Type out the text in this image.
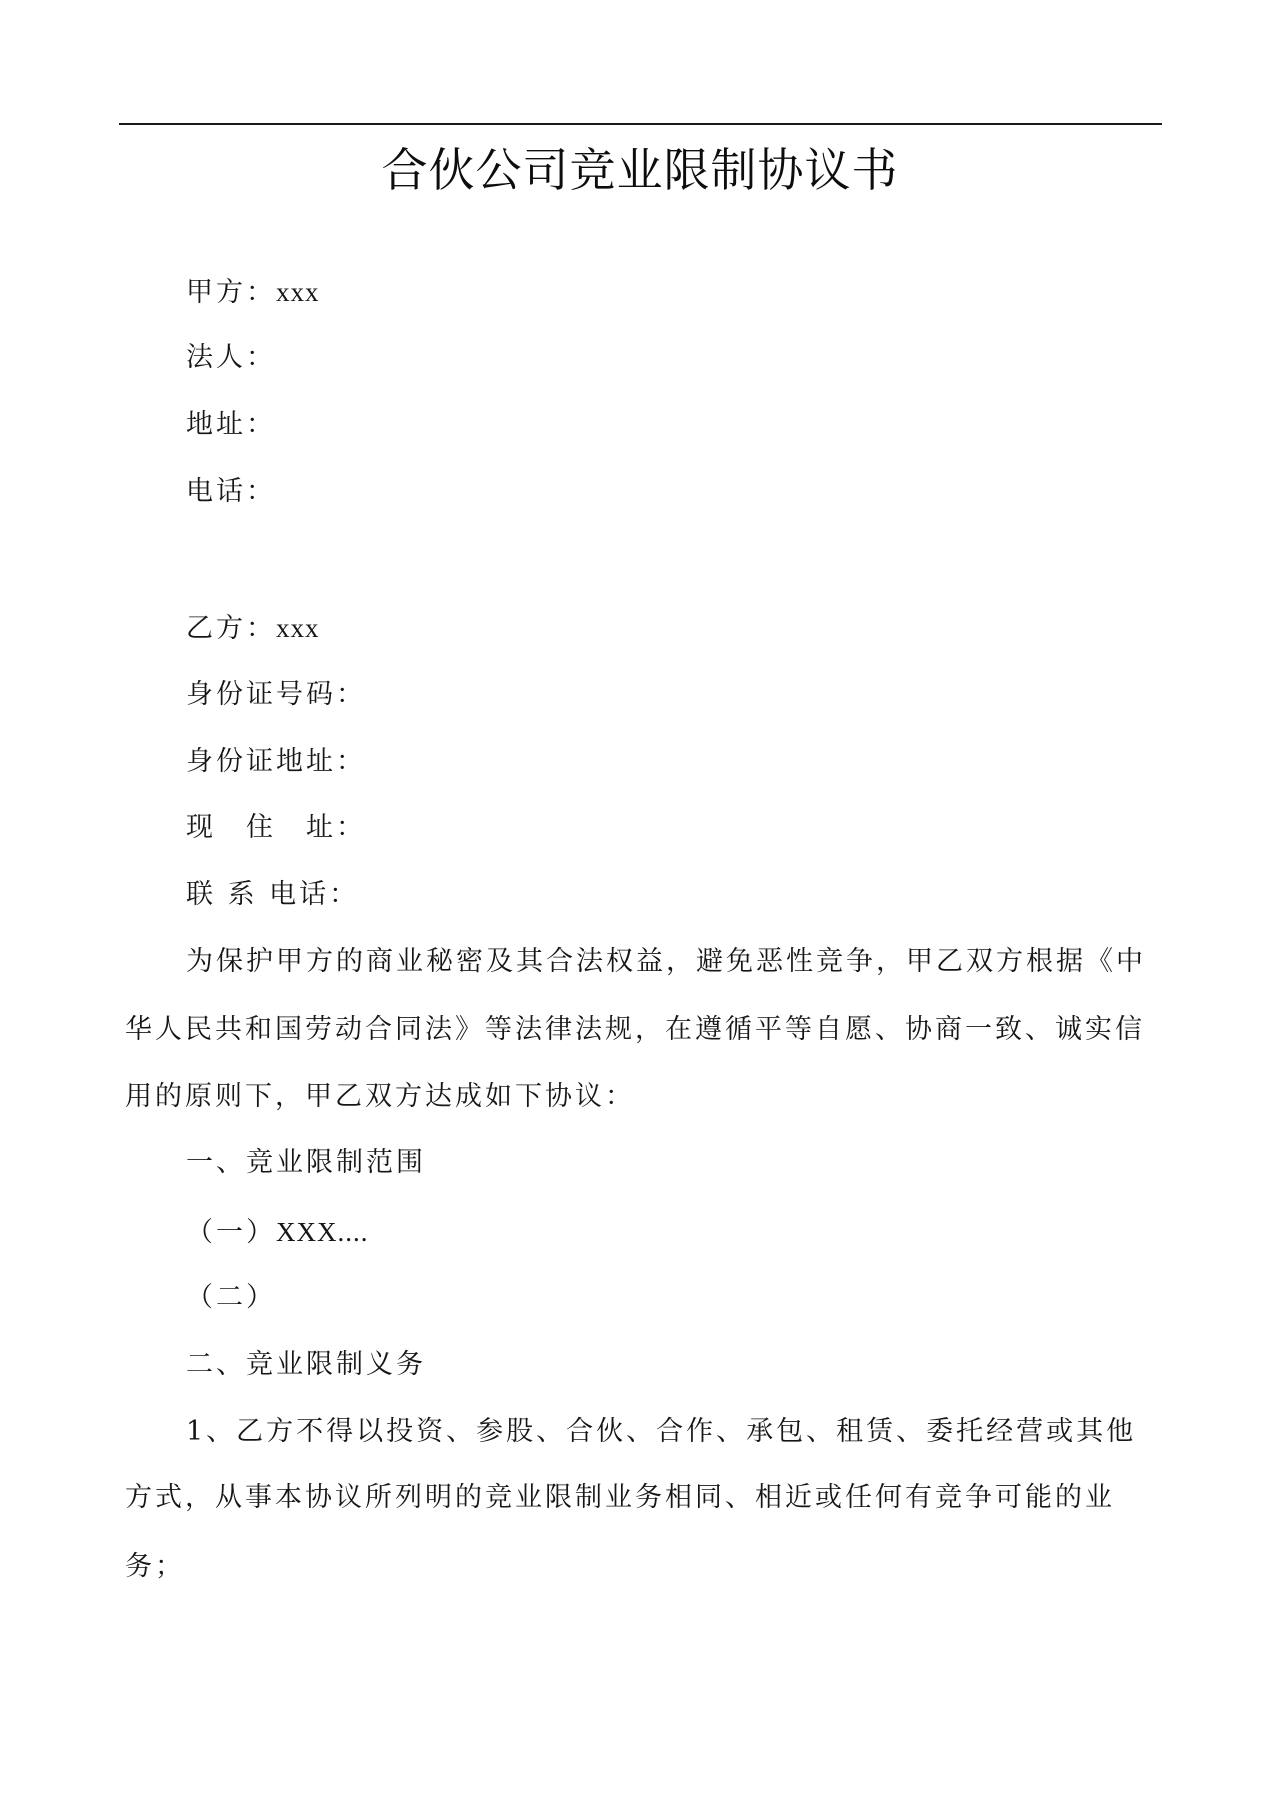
合伙公司竞业限制协议书
甲方：xxx
法人：
地址：
电话：
乙方：xxx
身份证号码：
身份证地址：
现　住　址：
联 系 电话：
为保护甲方的商业秘密及其合法权益，避免恶性竞争，甲乙双方根据《中
华人民共和国劳动合同法》等法律法规，在遵循平等自愿、协商一致、诚实信
用的原则下，甲乙双方达成如下协议：
一、竞业限制范围
（一）XXX....
（二）
二、竞业限制义务
1、乙方不得以投资、参股、合伙、合作、承包、租赁、委托经营或其他
方式，从事本协议所列明的竞业限制业务相同、相近或任何有竞争可能的业
务；
